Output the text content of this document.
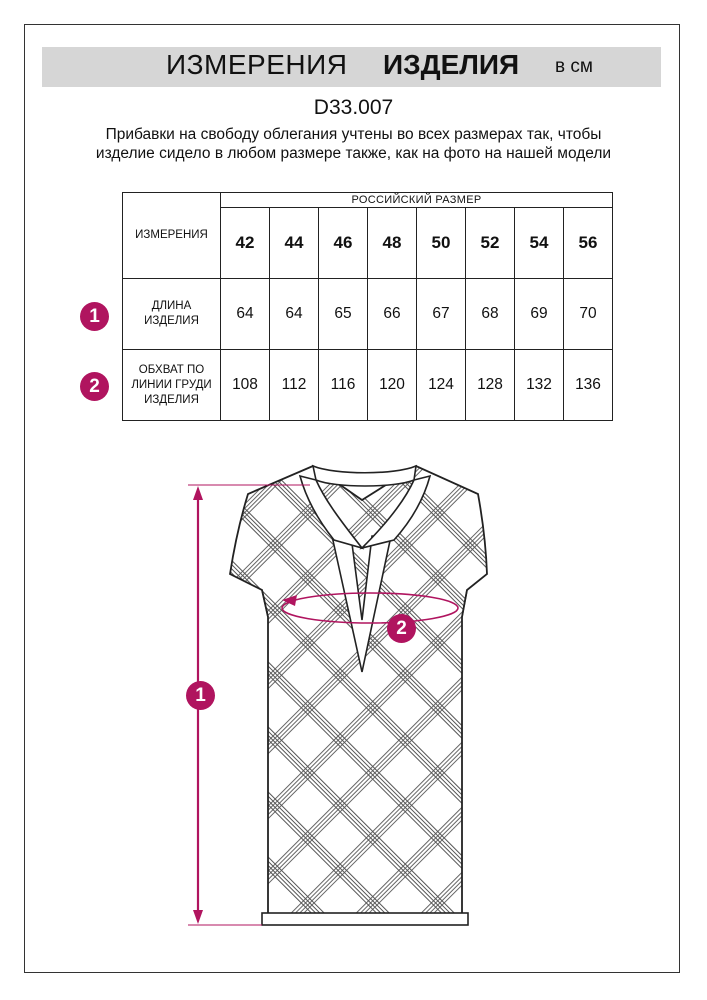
ИЗМЕРЕНИЯ ИЗДЕЛИЯ в см
D33.007
Прибавки на свободу облегания учтены во всех размерах так, чтобы изделие сидело в любом размере также, как на фото на нашей модели
ИЗМЕРЕНИЯ	РОССИЙСКИЙ РАЗМЕР							
	42	44	46	48	50	52	54	56
ДЛИНА ИЗДЕЛИЯ	64	64	65	66	67	68	69	70
ОБХВАТ ПО ЛИНИИ ГРУДИ ИЗДЕЛИЯ	108	112	116	120	124	128	132	136
1
2
1
2
